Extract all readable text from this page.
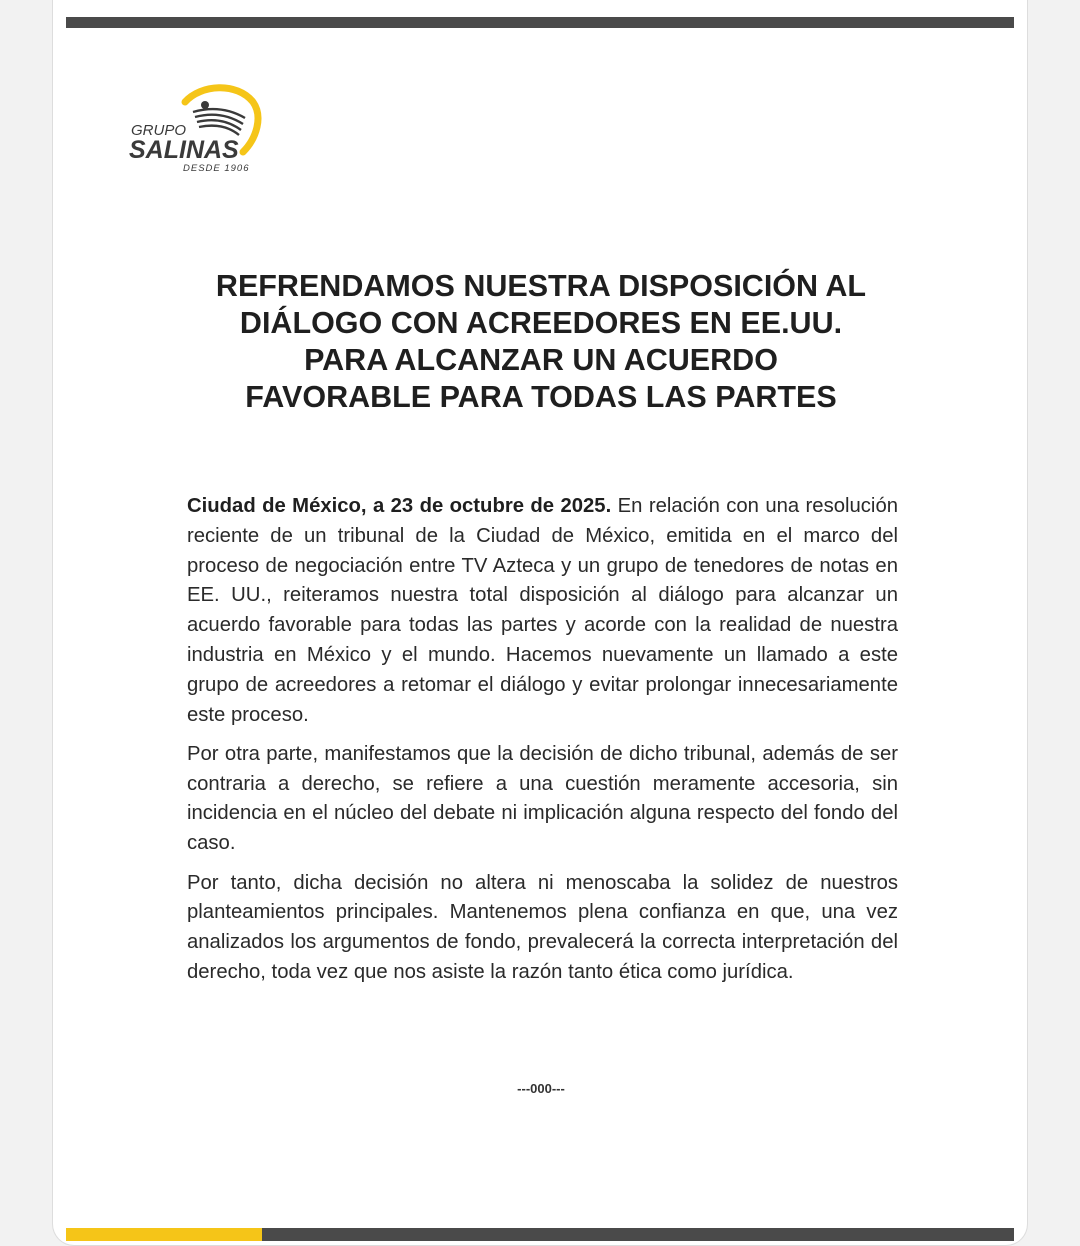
GRUPO
SALINAS
DESDE 1906
REFRENDAMOS NUESTRA DISPOSICIÓN AL
DIÁLOGO CON ACREEDORES EN EE.UU.
PARA ALCANZAR UN ACUERDO
FAVORABLE PARA TODAS LAS PARTES

Ciudad de México, a 23 de octubre de 2025. En relación con una resolución reciente de un tribunal de la Ciudad de México, emitida en el marco del proceso de negociación entre TV Azteca y un grupo de tenedores de notas en EE. UU., reiteramos nuestra total disposición al diálogo para alcanzar un acuerdo favorable para todas las partes y acorde con la realidad de nuestra industria en México y el mundo. Hacemos nuevamente un llamado a este grupo de acreedores a retomar el diálogo y evitar prolongar innecesariamente este proceso.

Por otra parte, manifestamos que la decisión de dicho tribunal, además de ser contraria a derecho, se refiere a una cuestión meramente accesoria, sin incidencia en el núcleo del debate ni implicación alguna respecto del fondo del caso.

Por tanto, dicha decisión no altera ni menoscaba la solidez de nuestros planteamientos principales. Mantenemos plena confianza en que, una vez analizados los argumentos de fondo, prevalecerá la correcta interpretación del derecho, toda vez que nos asiste la razón tanto ética como jurídica.

---000---
